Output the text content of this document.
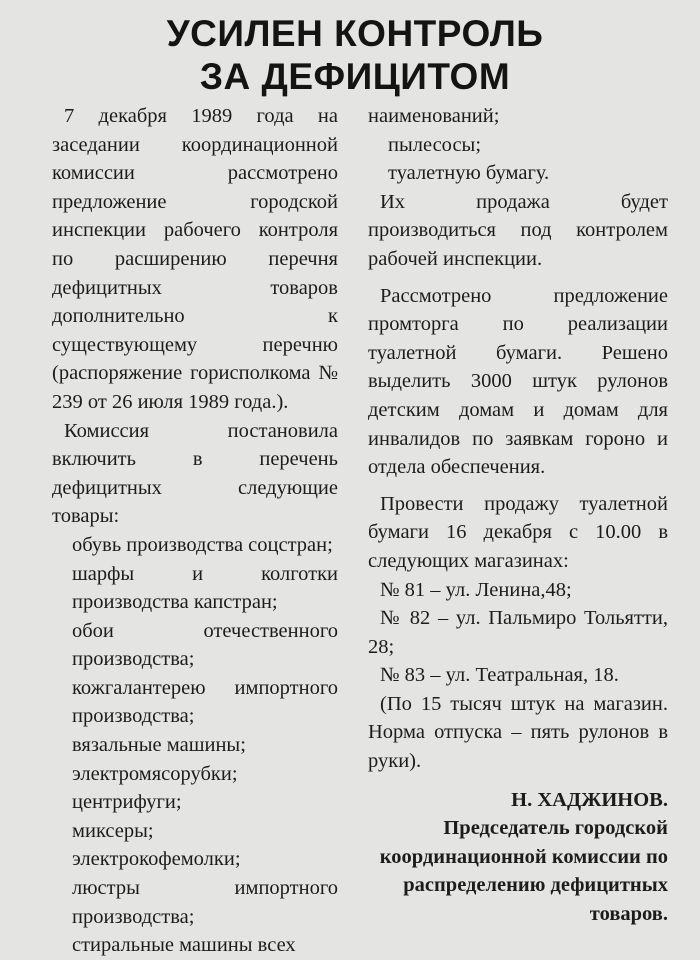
УСИЛЕН КОНТРОЛЬ
ЗА ДЕФИЦИТОМ

7 декабря 1989 года на заседании координационной комиссии рассмотрено предложение городской инспекции рабочего контроля по расширению перечня дефицитных товаров дополнительно к существующему перечню (распоряжение горисполкома № 239 от 26 июля 1989 года.).

Комиссия постановила включить в перечень дефицитных следующие товары:

обувь производства соцстран;

шарфы и колготки производства капстран;

обои отечественного производства;

кожгалантерею импортного производства;

вязальные машины;

электромясорубки;

центрифуги;

миксеры;

электрокофемолки;

люстры импортного производства;

стиральные машины всех

наименований;

пылесосы;

туалетную бумагу.

Их продажа будет производиться под контролем рабочей инспекции.

Рассмотрено предложение промторга по реализации туалетной бумаги. Решено выделить 3000 штук рулонов детским домам и домам для инвалидов по заявкам гороно и отдела обеспечения.

Провести продажу туалетной бумаги 16 декабря с 10.00 в следующих магазинах:

№ 81 – ул. Ленина,48;

№ 82 – ул. Пальмиро Тольятти, 28;

№ 83 – ул. Театральная, 18.

(По 15 тысяч штук на магазин. Норма отпуска – пять рулонов в руки).

Н. ХАДЖИНОВ.

Председатель городской координационной комиссии по распределению дефицитных товаров.
